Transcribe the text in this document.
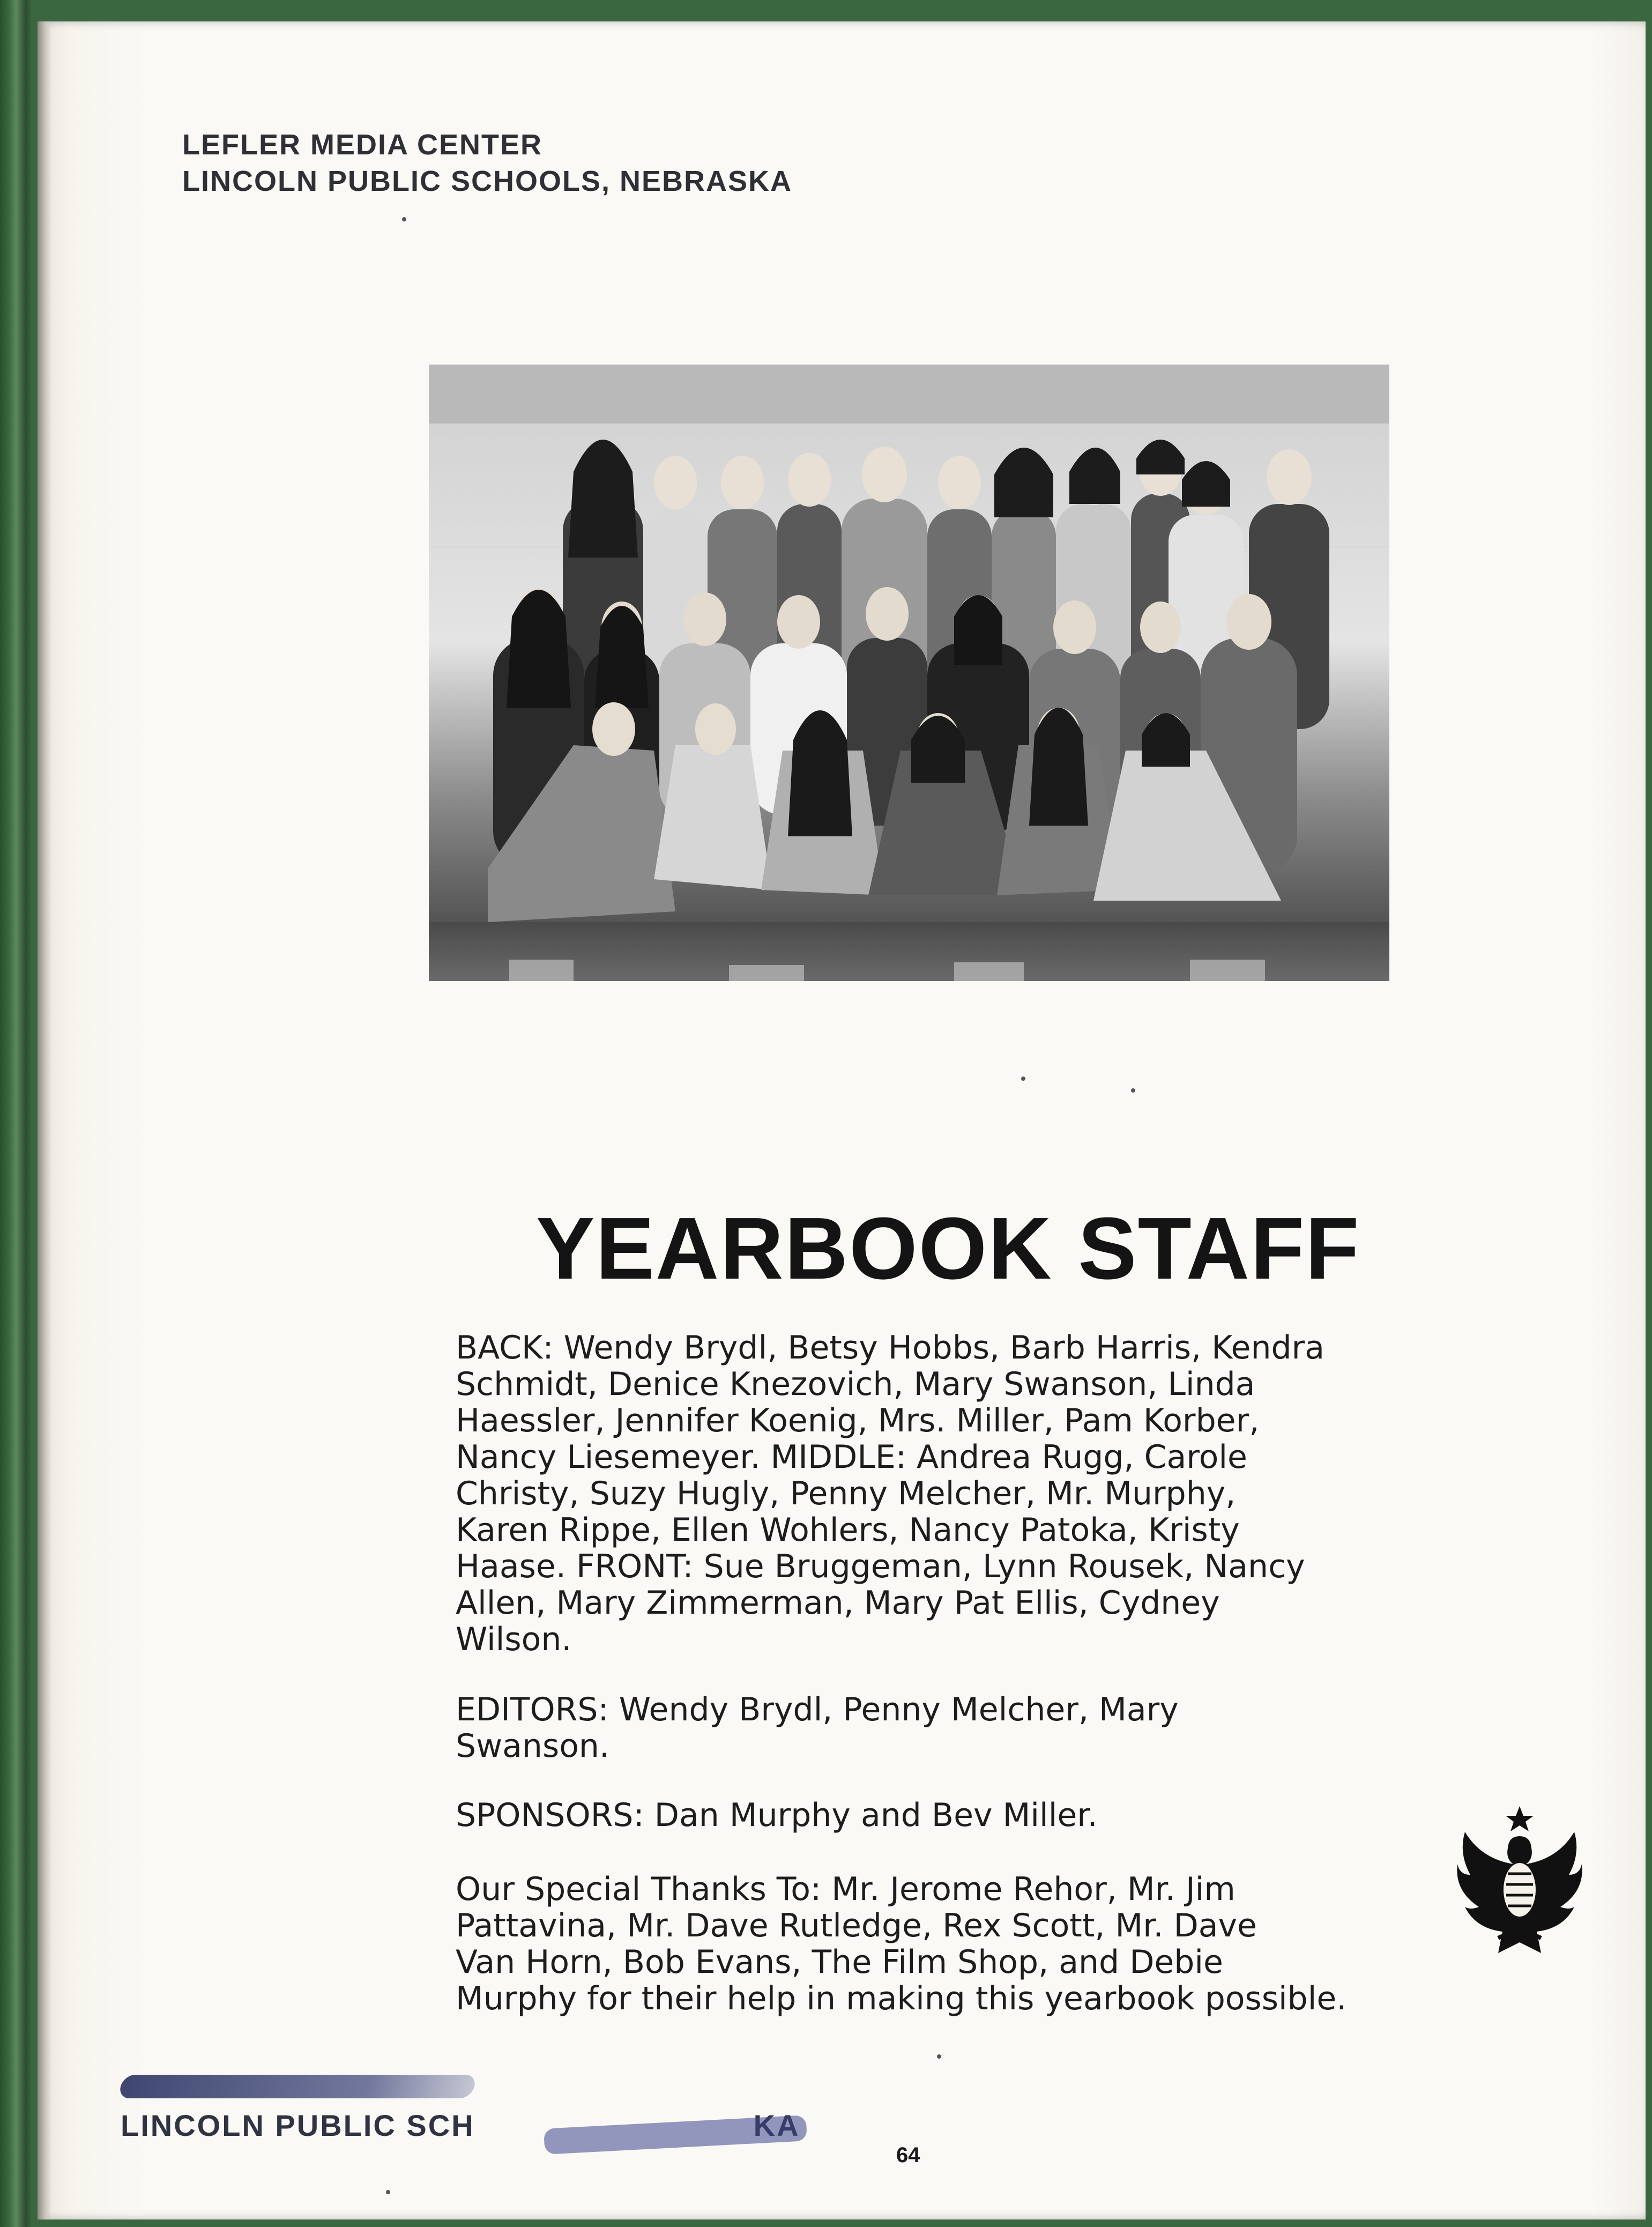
LEFLER MEDIA CENTER
LINCOLN PUBLIC SCHOOLS, NEBRASKA
YEARBOOK STAFF
BACK: Wendy Brydl, Betsy Hobbs, Barb Harris, Kendra
Schmidt, Denice Knezovich, Mary Swanson, Linda
Haessler, Jennifer Koenig, Mrs. Miller, Pam Korber,
Nancy Liesemeyer. MIDDLE: Andrea Rugg, Carole
Christy, Suzy Hugly, Penny Melcher, Mr. Murphy,
Karen Rippe, Ellen Wohlers, Nancy Patoka, Kristy
Haase. FRONT: Sue Bruggeman, Lynn Rousek, Nancy
Allen, Mary Zimmerman, Mary Pat Ellis, Cydney
Wilson.
EDITORS: Wendy Brydl, Penny Melcher, Mary
Swanson.
SPONSORS: Dan Murphy and Bev Miller.
Our Special Thanks To: Mr. Jerome Rehor, Mr. Jim
Pattavina, Mr. Dave Rutledge, Rex Scott, Mr. Dave
Van Horn, Bob Evans, The Film Shop, and Debie
Murphy for their help in making this yearbook possible.
LINCOLN PUBLIC SCH
64
